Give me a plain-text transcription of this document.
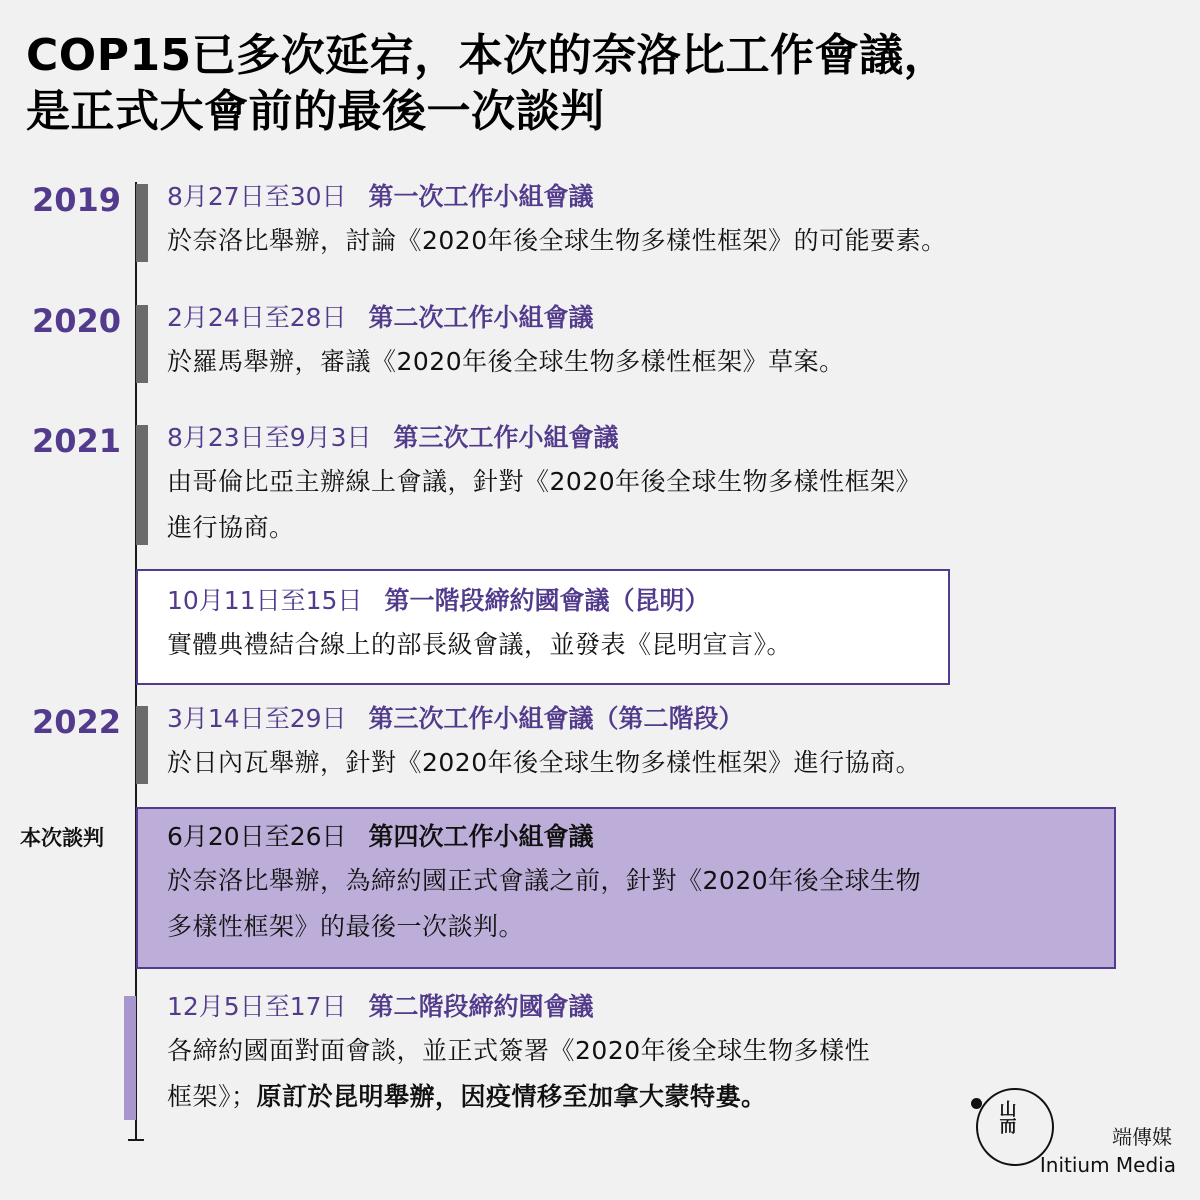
COP15已多次延宕，本次的奈洛比工作會議，
是正式大會前的最後一次談判
2019
2020
2021
2022
本次談判
8月27日至30日 第一次工作小組會議
於奈洛比舉辦，討論《2020年後全球生物多樣性框架》的可能要素。
2月24日至28日 第二次工作小組會議
於羅馬舉辦，審議《2020年後全球生物多樣性框架》草案。
8月23日至9月3日 第三次工作小組會議
由哥倫比亞主辦線上會議，針對《2020年後全球生物多樣性框架》
進行協商。
10月11日至15日 第一階段締約國會議（昆明）
實體典禮結合線上的部長級會議，並發表《昆明宣言》。
3月14日至29日 第三次工作小組會議（第二階段）
於日內瓦舉辦，針對《2020年後全球生物多樣性框架》進行協商。
6月20日至26日 第四次工作小組會議
於奈洛比舉辦，為締約國正式會議之前，針對《2020年後全球生物
多樣性框架》的最後一次談判。
12月5日至17日 第二階段締約國會議
各締約國面對面會談，並正式簽署《2020年後全球生物多樣性
框架》；原訂於昆明舉辦，因疫情移至加拿大蒙特婁。	山
而	端傳媒
Initium Media
